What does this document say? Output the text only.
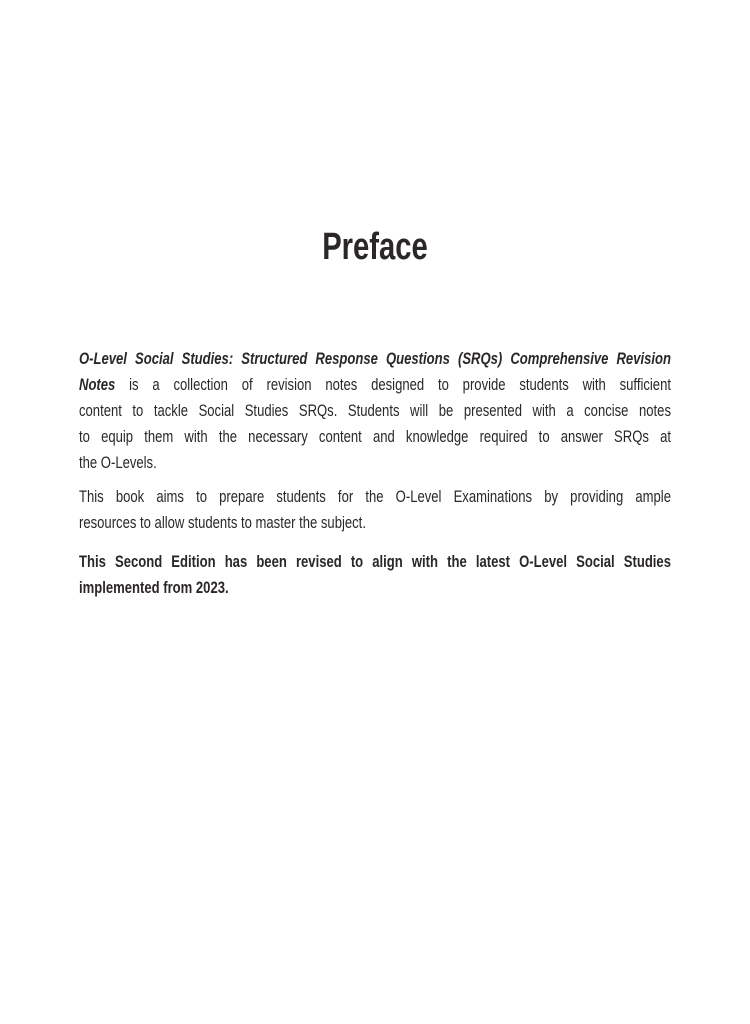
Preface
O-Level Social Studies: Structured Response Questions (SRQs) Comprehensive Revision
Notes is a collection of revision notes designed to provide students with sufficient
content to tackle Social Studies SRQs. Students will be presented with a concise notes
to equip them with the necessary content and knowledge required to answer SRQs at
the O-Levels.
This book aims to prepare students for the O-Level Examinations by providing ample
resources to allow students to master the subject.
This Second Edition has been revised to align with the latest O-Level Social Studies
implemented from 2023.
